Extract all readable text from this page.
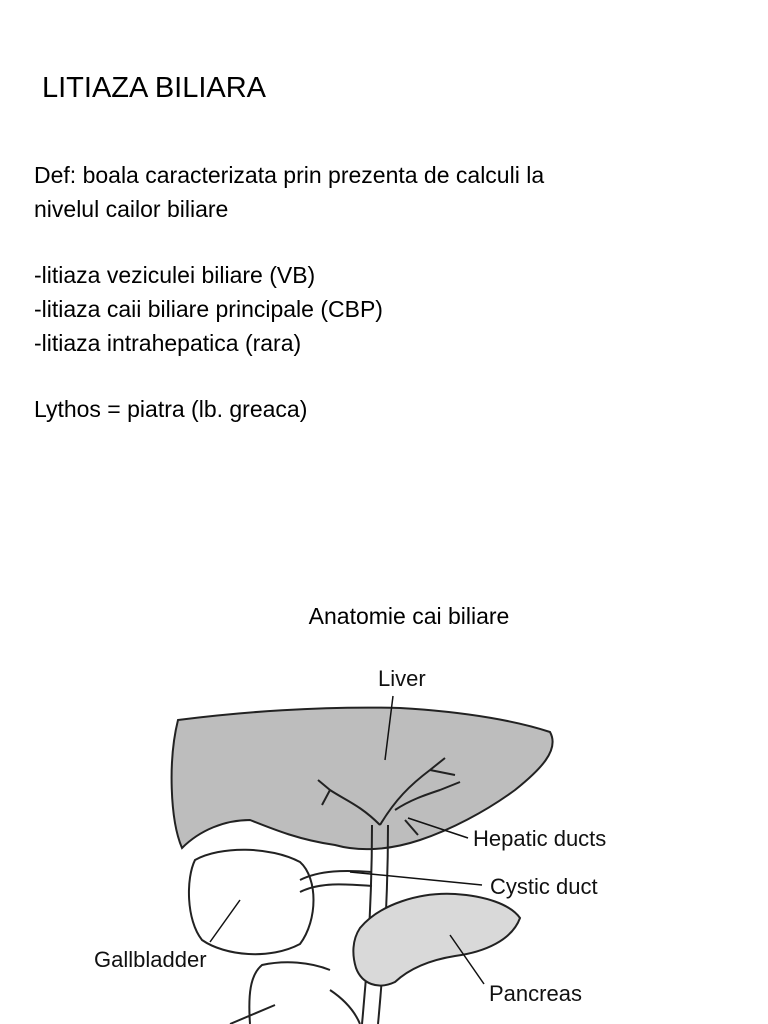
LITIAZA BILIARA
Def: boala caracterizata prin prezenta de calculi la
nivelul cailor biliare
-litiaza veziculei biliare (VB)
-litiaza caii biliare principale (CBP)
-litiaza intrahepatica (rara)
Lythos = piatra (lb. greaca)
Anatomie cai biliare
Liver
Hepatic ducts
Cystic duct
Gallbladder
Pancreas
